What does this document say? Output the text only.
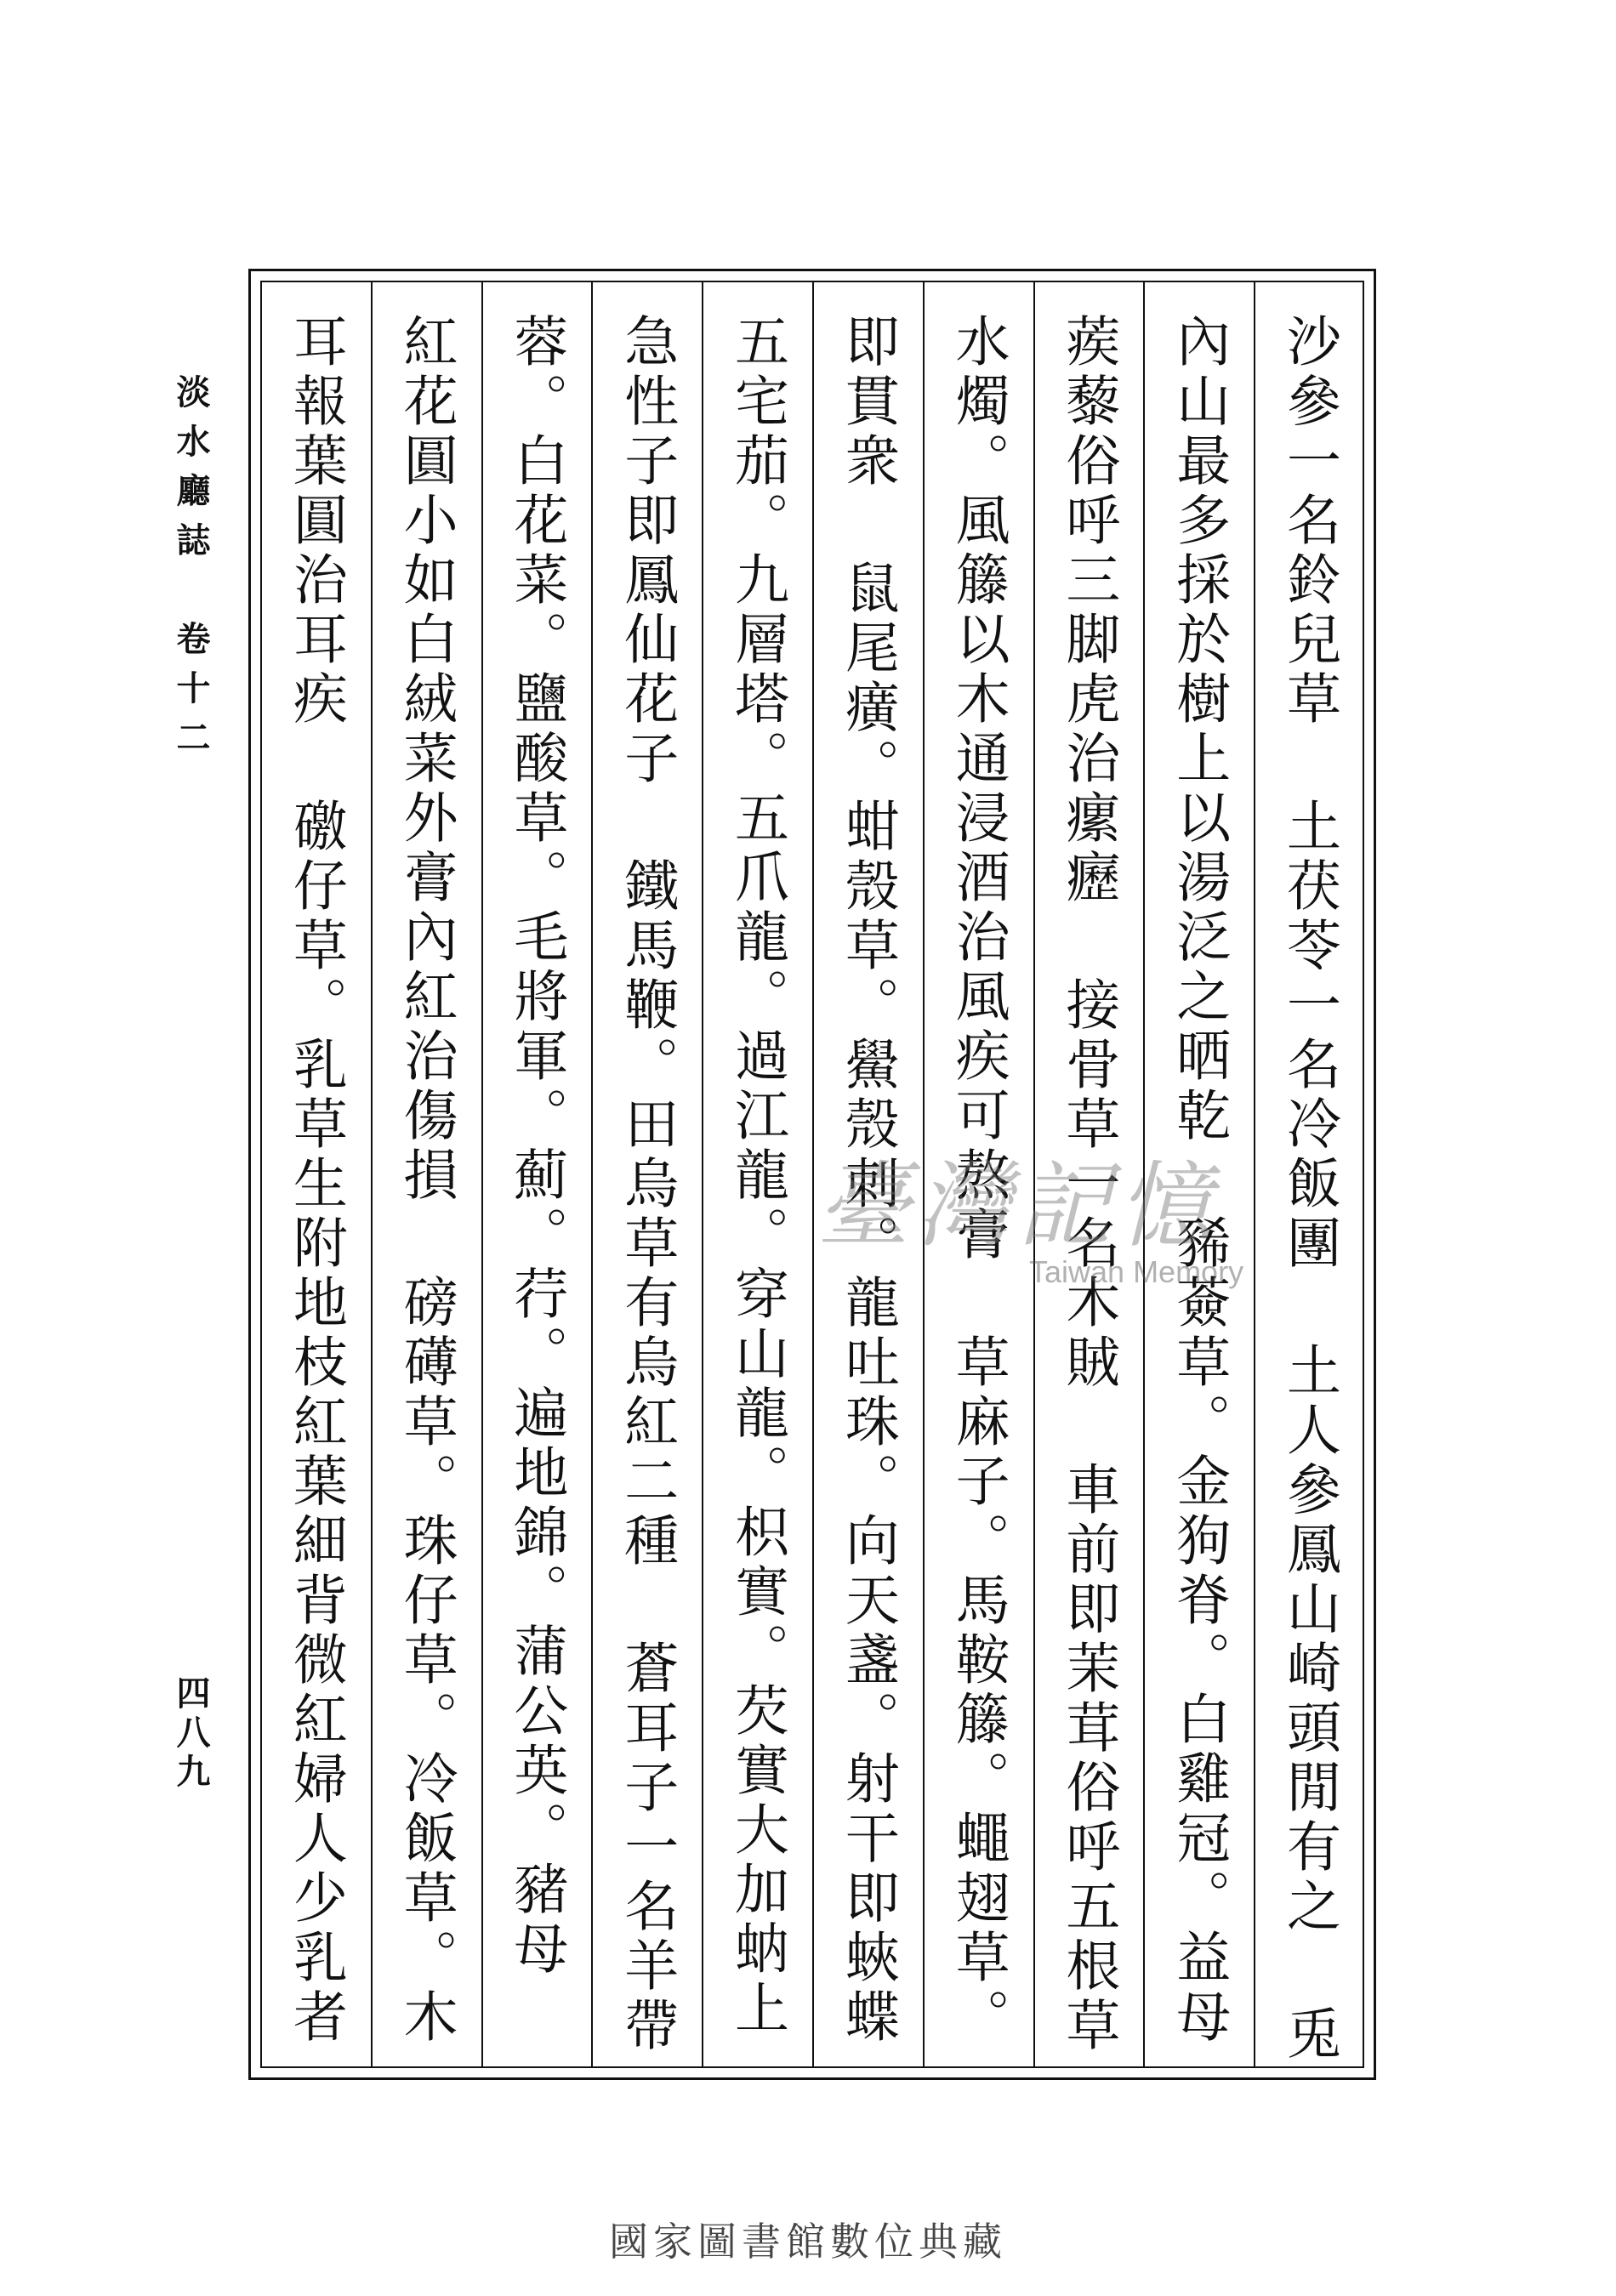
淡水廳誌　卷十二
四八九
沙參一名鈴兒草 土茯苓一名冷飯團 土人參鳳山崎頭閒有之 兎
內山最多採於樹上以湯泛之晒乾 豨薟草。金狗脊。白雞冠。益母
蒺藜俗呼三脚虎治瘰癧 接骨草一名木賊 車前即茉茸俗呼五根草
水燭。風籐以木通浸酒治風疾可熬膏 草麻子。馬鞍籐。蠅翅草。
即貫衆 鼠尾癀。蚶殼草。鱟殼刺。龍吐珠。向天盞。射干即蛺蝶
五宅茄。九層塔。五爪龍。過江龍。穿山龍。枳實。芡實大加蚋上
急性子即鳳仙花子 鐵馬鞭。田烏草有烏紅二種 蒼耳子一名羊帶
蓉。白花菜。鹽酸草。毛將軍。薊。荇。遍地錦。蒲公英。豬母
紅花圓小如白絨菜外膏內紅治傷損 磅礡草。珠仔草。冷飯草。木
耳報葉圓治耳疾 礉仔草。乳草生附地枝紅葉細背微紅婦人少乳者
臺灣記憶
Taiwan Memory
國家圖書館數位典藏
